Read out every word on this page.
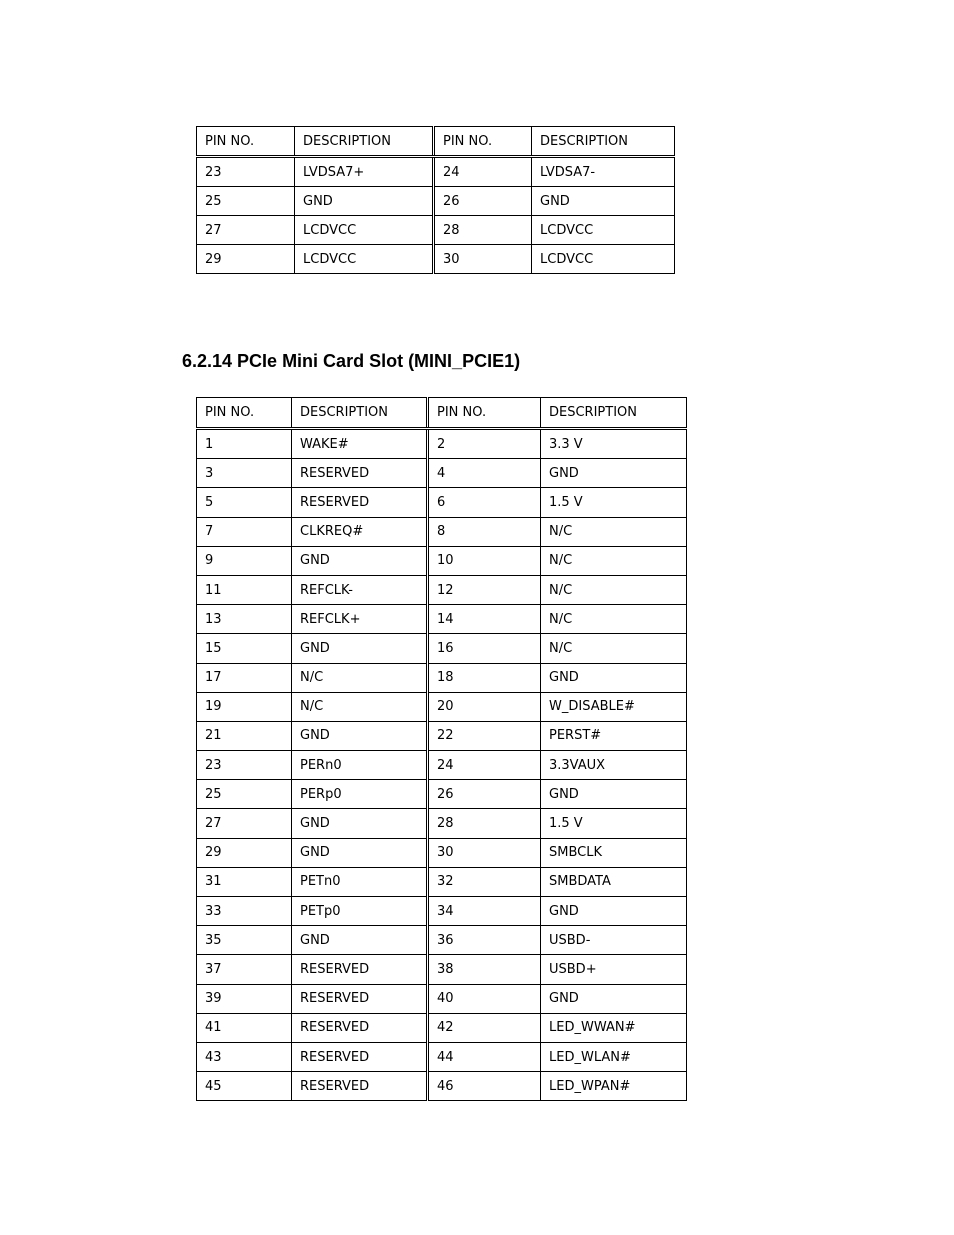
PIN NO.	DESCRIPTION	PIN NO.	DESCRIPTION
23	LVDSA7+	24	LVDSA7-
25	GND	26	GND
27	LCDVCC	28	LCDVCC
29	LCDVCC	30	LCDVCC
6.2.14 PCIe Mini Card Slot (MINI_PCIE1)
PIN NO.	DESCRIPTION	PIN NO.	DESCRIPTION
1	WAKE#	2	3.3 V
3	RESERVED	4	GND
5	RESERVED	6	1.5 V
7	CLKREQ#	8	N/C
9	GND	10	N/C
11	REFCLK-	12	N/C
13	REFCLK+	14	N/C
15	GND	16	N/C
17	N/C	18	GND
19	N/C	20	W_DISABLE#
21	GND	22	PERST#
23	PERn0	24	3.3VAUX
25	PERp0	26	GND
27	GND	28	1.5 V
29	GND	30	SMBCLK
31	PETn0	32	SMBDATA
33	PETp0	34	GND
35	GND	36	USBD-
37	RESERVED	38	USBD+
39	RESERVED	40	GND
41	RESERVED	42	LED_WWAN#
43	RESERVED	44	LED_WLAN#
45	RESERVED	46	LED_WPAN#
